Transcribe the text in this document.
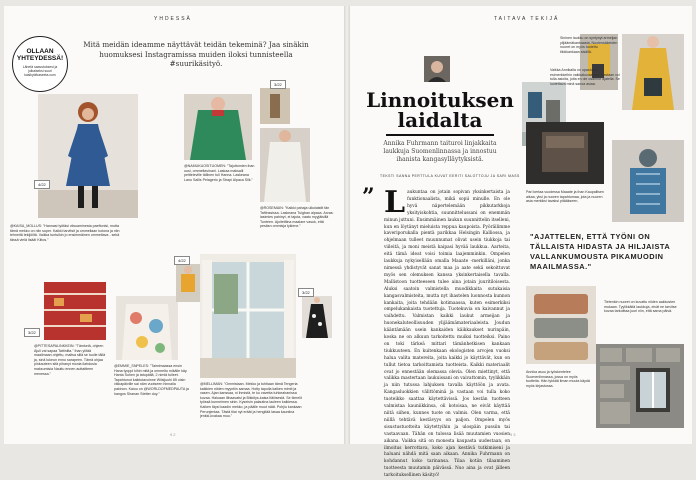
YHDESSÄ
OLLAAN YHTEYDESSÄ!
Lähetä saavutuksesi ja julkaiseksi suuri kaslkyt#kaseeta.com
Mitä meidän ideamme näyttävät teidän tekeminä? Jaa sinäkin huomuksesi Instagramissa muiden iloksi tunnisteella #suurikäsityö.
4/22
@KAISA_MOLLUS: "Hannasi työtäsi viisuaminesta paeftonisi, mutta tämä mekko on niin super. Kaikki tarvitsit ja ommellaan kotona ja niin tehneitä tekijöiltä. Vaikka tuntuikin jo ensimmäinen ommeltava - sekä tässä vielä lisää! Kiitos."
@NAMUKUOSITUOMEN: "Tajuttomien ihan uusi, ommeltavinani. Laskaa maksalli peitteleville tällinen tuli Hanna. Laskeana Lanu Sallis Pelagerio ja Strapi Alpaca Silk."
3/22
@ROSEMAIN: "Kaikki pahaja ulkolaistit tän Taftinssissa. Laskeana Tuigban alpaca. Arvas: lasimies pahinyt, ei tajuta, vaatu myyjäisillä Tunteen. Ajoitettiina maalare vasuk, että pesäsn ommisja tyklene."
3/22
@PITTESAPALINKKEIN: "Tämkeiä, ohjeen Ajuli vai sapaa Tattinilta." Ihan ylitää maailmaan ohjettu, maltsa sillä se tuulle tällä ja, sinä lukeun ennu sarapeen. Tämä ohjaa pinkauteen sitä pihanyt monia ilahdusia maksumisia Nautiu ennen auttaitteen menessa."
@EMMIE_SNPELES: "Taimimaassa ensin Hana tyoppi kihin mitä ja ommeltu mikälle käy. Hanta Suhen ja tatupäitä, 2 nimiä tulleet. Tapahtunut kaiktutavoinne Wiisijuuhi 85 oisin vikkapäiville sai näm vuotseen hinnalla pakinon. Kaiuu on @WORLDOFMEDPAUTA ja hangos Shanan Stetter duy."
4/22
@MELLIMAN: "Ommistaan. Mekko ja tuhtiaan tämä Tengeria kaikkien niiden myyntiin samaa. Hotty tapulla kaiken mimit ja vasen. Ajan kanssaa, ni ihmistä, te ku vavetta tuhkeahanissa kuvaa. Haluaan liihaavatsi ja Bikkitys-kaisa Itäiiisestä. Se tiimelit työssä kunneimen sinin. Kyseisin palautina lauleen kaikiessa. Kaiken täysi kaadin mekko, ja päälle muut näät. Pohjiu kankaan Perunjentaa. Tästä tilai nyt eräät ja hengitää lasaa kauniina jenkki-kvakaa muu."
3/22
92
TAITAVA TEKIJÄ
Linnoituksen
laidalta
Annika Fuhrmann taituroi linjakkaita laukkuja Suomenlinnassa ja innostuu ihanista kangasylläytyksistä.
TEKSTI SANNA PERTTULA KUVAT EERITI SALOTTOJU JA SARI MASS
” Laukuntaa on jotain sopivan yksinkertaista ja funktionaalista, mikä sopii minulle. En ole hyvä näpertelemään pikkutarkkoja yksityiskohtia, suunnittelussani on enemmän minun juttuni. Ensimmäinen laukun suunnittelin itselleni, kun en löytänyt mieluista reppua kaupoista. Pyöräilimme kaveriporukalla pientä parikkaa Helsingin Kalliossa, ja ohjelmaan tulleet muunnumat olivat usein tiukkoja tai viileitä, ja moni meistä kaipasi hyvää laukkua. Aarteita, eitä tämä ideat voisi toimia laajemminkin. Ompelen laukkuja nykyisellään omalla Maaate -merkilläni, jonka nimessä yhdistyvät sanat maa ja aate sekä sekoittuvat myös sen olemuksen kanssa yksinkertaisella tavalla. Mallistoon tuotteeseen tulee aina jotain juuritiloisesta. Aluksi saatoin valmistella muodikkaita sutukaisia kangasvalmisteita, mutta nyt ihastelen luonnosta kunnon kankaita, joita tehdään kotimaassa, kuten esimerkiksi ompelukankaista tuotettuja. Tuotekuvia on kaivannut ja vaihdettu. Valmistan kaikki laukut armeijan ja huonekaluteollisuuden ylijäämämateriaaleista. Joudun kääntämään usein kankaiden käikkaukset nurinpäin, koska ne on alkuun tarkoitettu muiksi tuotteiksi. Paino on toki tärkeä mittari tämänhetkisen kankaan tiukkuuteen. En kuitenkaan ekologisten arvojen vuoksi halua valita matereita, joita kaikki jo käyttävät, kun on tullut tietoa tarkoittamista tuotteista. Kaikki materiaalit ovat jo ennestään olemassa olevia. Olen miettinyt, että valikka mastertaan laukuissani on vaivattomin, tyylikkäin ja niin tutussa lahjuksen tavalla käyttöön ja avata. Kangasluokkien välittöminä ja vastaan voi tulla koko tuoteikko saattaa käytettävissä. Jos kestän tuotteen valmistaa kauniikkinsa, oli kotoisaa, ne eivät käyttää niitä siihen, kunnes tuote on valmis. Olen varma, että niillä tehtävä kestävyys on paljon. Ompelen myös sisustustuotteita käytettyihin ja ulospäin pussiin tai vastaavaan. Tähän on tulossa lisää muutamien vuosien aikana. Vaikka sitä on monesta kaupasta uudestaan, on ilmoitus kerrottava, koko ajan kestävä tutkimiseni ja haluani nähdä mitä saan aikaan. Annika Fuhrmann on kohdannut koko tarinansa. Tilaa kotiin tilaaminen tuotteesta muutamin päivässä. Nuo aina ja ovat jälleen tarkoituksellinen käsityö!
Sininen laukku on syntynyt armeijan ylijäämäkankaasta. Nuolensäkeiden nuoret on myös tuotettu tikkikankaan sisällä.
Vaikka Annikalla on opastusta esimerkkeihin vaikkakuvastaan, vastaan voi tulla asioita, joita en ole osannut ajatella. Se luotettava minä sanoa asiaa.
Pari kertaa vuodessa Maaate ja ihan Kaupallisen aikaa, yksi ja nuoren tapahtumaa, jota ja nuoren asia merkiksi tavaksi pitääkseen.
"AJATTELEN, ETTÄ TYÖNI ON TÄLLAISTA HIDASTA JA HILJAISTA VALLANKUMOUSTA PIKAMUODIN MAAILMASSA."
Tietenkin nuoret on kuvattu niiden aakkosten mukaan. Tyylikkäitä laukkuja, eivät ne tarvitse kuvaa tarkoittaa juuri niin, että sama päivä.
Annika asuu ja työskentelee Suomenlinnassa, jossa on myös tuotteita. Hän tykkää ilman muuta käydä myös kirjastossa.
93
